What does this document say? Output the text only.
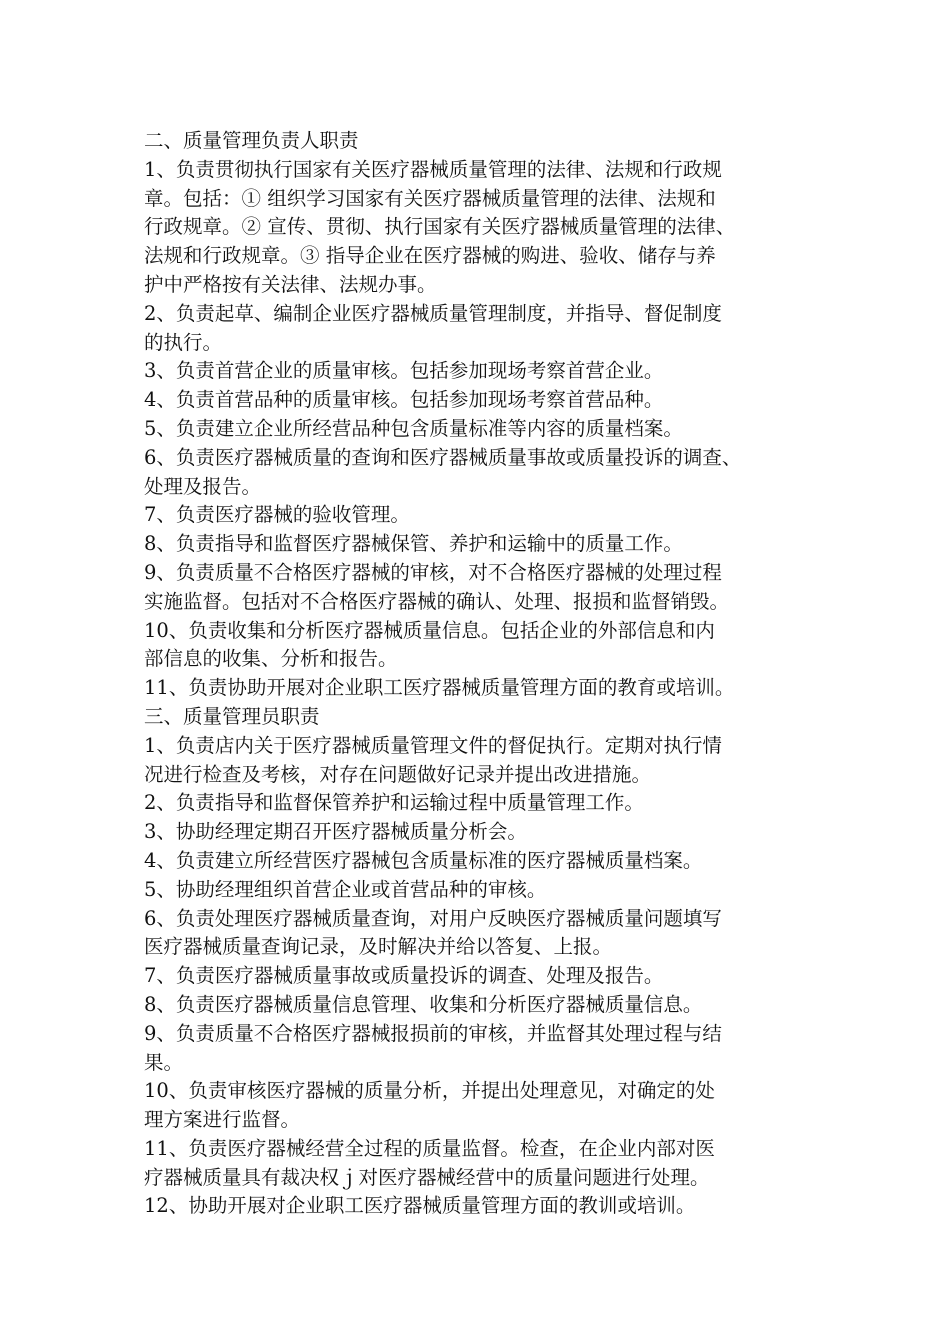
二、质量管理负责人职责

1、负责贯彻执行国家有关医疗器械质量管理的法律、法规和行政规

章。包括：① 组织学习国家有关医疗器械质量管理的法律、法规和

行政规章。② 宣传、贯彻、执行国家有关医疗器械质量管理的法律、

法规和行政规章。③ 指导企业在医疗器械的购进、验收、储存与养

护中严格按有关法律、法规办事。

2、负责起草、编制企业医疗器械质量管理制度，并指导、督促制度

的执行。

3、负责首营企业的质量审核。包括参加现场考察首营企业。

4、负责首营品种的质量审核。包括参加现场考察首营品种。

5、负责建立企业所经营品种包含质量标准等内容的质量档案。

6、负责医疗器械质量的查询和医疗器械质量事故或质量投诉的调查、

处理及报告。

7、负责医疗器械的验收管理。

8、负责指导和监督医疗器械保管、养护和运输中的质量工作。

9、负责质量不合格医疗器械的审核，对不合格医疗器械的处理过程

实施监督。包括对不合格医疗器械的确认、处理、报损和监督销毁。

10、负责收集和分析医疗器械质量信息。包括企业的外部信息和内

部信息的收集、分析和报告。

11、负责协助开展对企业职工医疗器械质量管理方面的教育或培训。

三、质量管理员职责

1、负责店内关于医疗器械质量管理文件的督促执行。定期对执行情

况进行检查及考核，对存在问题做好记录并提出改进措施。

2、负责指导和监督保管养护和运输过程中质量管理工作。

3、协助经理定期召开医疗器械质量分析会。

4、负责建立所经营医疗器械包含质量标准的医疗器械质量档案。

5、协助经理组织首营企业或首营品种的审核。

6、负责处理医疗器械质量查询，对用户反映医疗器械质量问题填写

医疗器械质量查询记录，及时解决并给以答复、上报。

7、负责医疗器械质量事故或质量投诉的调查、处理及报告。

8、负责医疗器械质量信息管理、收集和分析医疗器械质量信息。

9、负责质量不合格医疗器械报损前的审核，并监督其处理过程与结

果。

10、负责审核医疗器械的质量分析，并提出处理意见，对确定的处

理方案进行监督。

11、负责医疗器械经营全过程的质量监督。检查，在企业内部对医

疗器械质量具有裁决权ｊ对医疗器械经营中的质量问题进行处理。

12、协助开展对企业职工医疗器械质量管理方面的教训或培训。
